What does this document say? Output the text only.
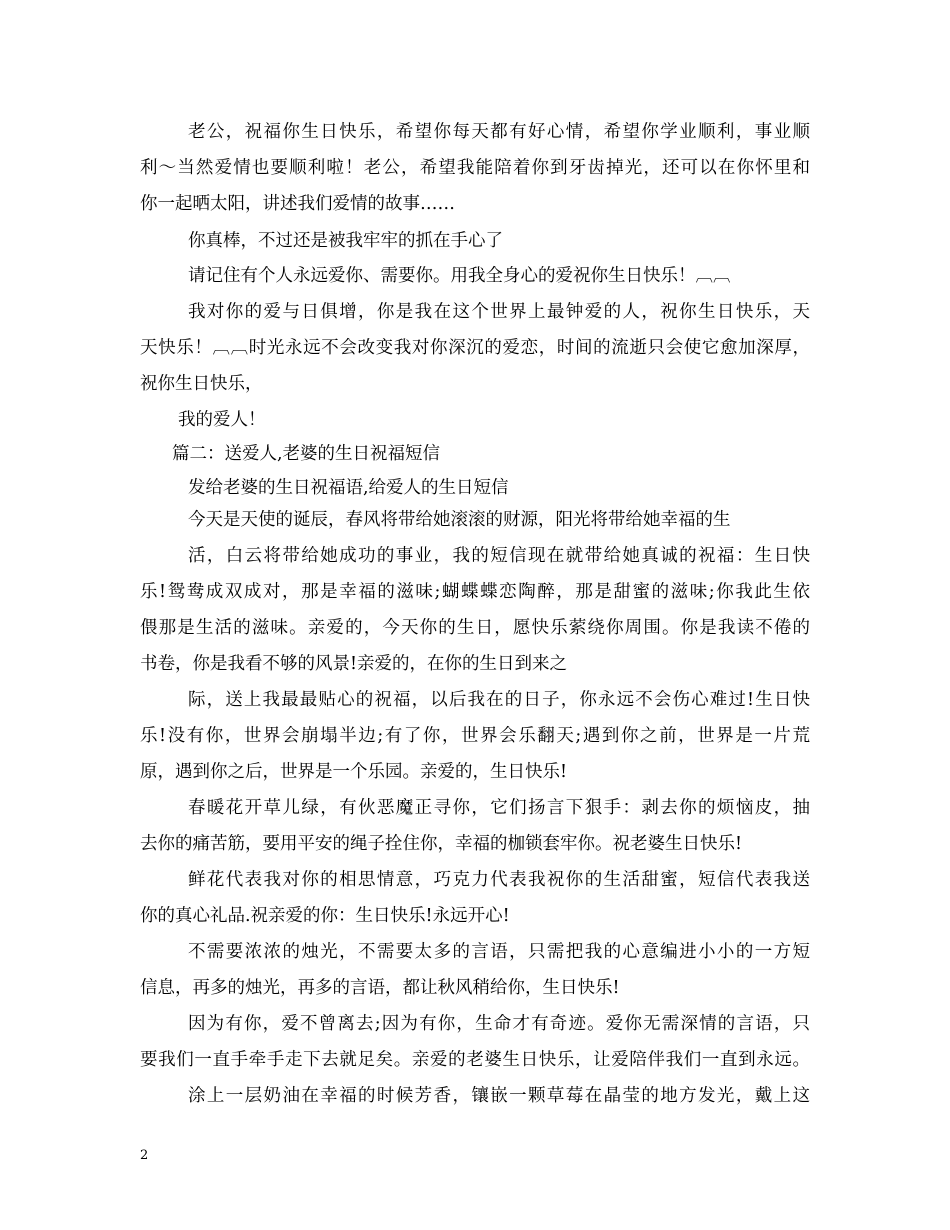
老公，祝福你生日快乐，希望你每天都有好心情，希望你学业顺利，事业顺
利～当然爱情也要顺利啦！老公，希望我能陪着你到牙齿掉光，还可以在你怀里和
你一起晒太阳，讲述我们爱情的故事……
你真棒，不过还是被我牢牢的抓在手心了
请记住有个人永远爱你、需要你。用我全身心的爱祝你生日快乐！︹︹
我对你的爱与日俱增，你是我在这个世界上最钟爱的人，祝你生日快乐，天
天快乐！︹︹时光永远不会改变我对你深沉的爱恋，时间的流逝只会使它愈加深厚，
祝你生日快乐，
我的爱人！
篇二：送爱人,老婆的生日祝福短信
发给老婆的生日祝福语,给爱人的生日短信
今天是天使的诞辰，春风将带给她滚滚的财源，阳光将带给她幸福的生
活，白云将带给她成功的事业，我的短信现在就带给她真诚的祝福：生日快
乐!鸳鸯成双成对，那是幸福的滋味;蝴蝶蝶恋陶醉，那是甜蜜的滋味;你我此生依
偎那是生活的滋味。亲爱的，今天你的生日，愿快乐萦绕你周围。你是我读不倦的
书卷，你是我看不够的风景!亲爱的，在你的生日到来之
际，送上我最最贴心的祝福，以后我在的日子，你永远不会伤心难过!生日快
乐!没有你，世界会崩塌半边;有了你，世界会乐翻天;遇到你之前，世界是一片荒
原，遇到你之后，世界是一个乐园。亲爱的，生日快乐!
春暖花开草儿绿，有伙恶魔正寻你，它们扬言下狠手：剥去你的烦恼皮，抽
去你的痛苦筋，要用平安的绳子拴住你，幸福的枷锁套牢你。祝老婆生日快乐!
鲜花代表我对你的相思情意，巧克力代表我祝你的生活甜蜜，短信代表我送
你的真心礼品.祝亲爱的你：生日快乐!永远开心!
不需要浓浓的烛光，不需要太多的言语，只需把我的心意编进小小的一方短
信息，再多的烛光，再多的言语，都让秋风稍给你，生日快乐!
因为有你，爱不曾离去;因为有你，生命才有奇迹。爱你无需深情的言语，只
要我们一直手牵手走下去就足矣。亲爱的老婆生日快乐，让爱陪伴我们一直到永远。
涂上一层奶油在幸福的时候芳香，镶嵌一颗草莓在晶莹的地方发光，戴上这
2
